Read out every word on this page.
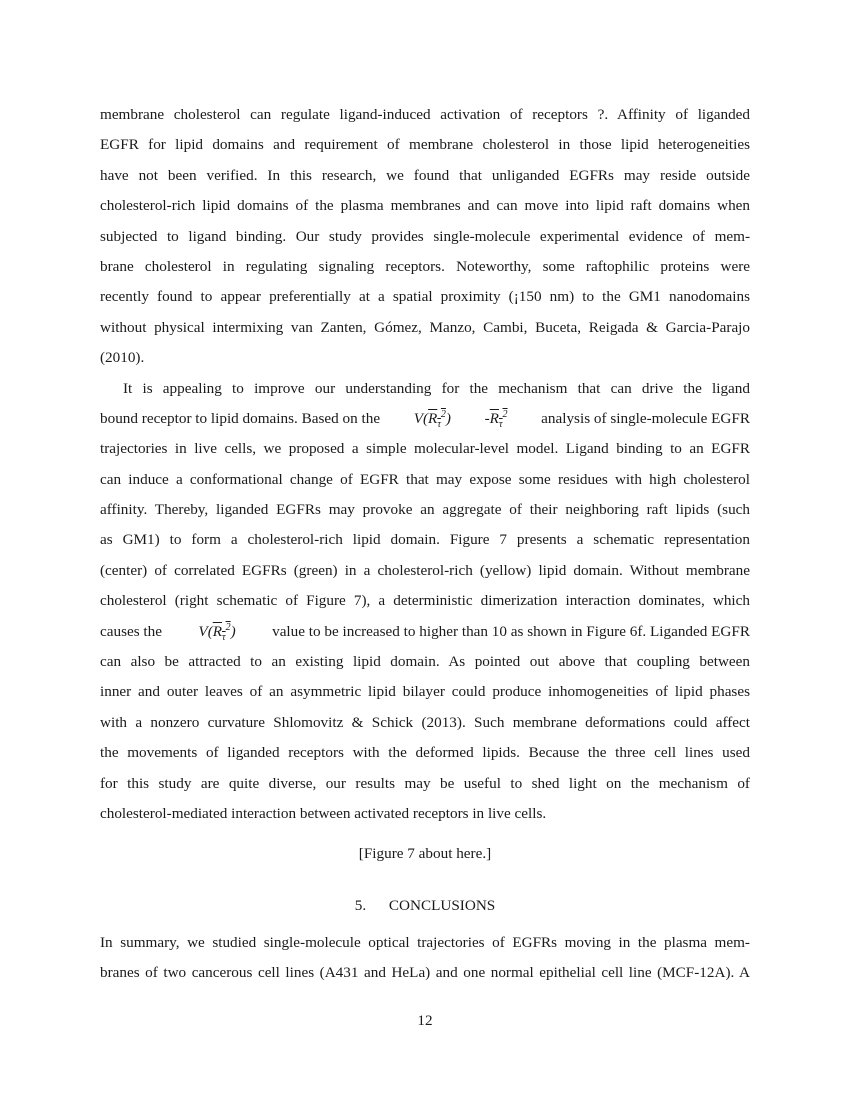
membrane cholesterol can regulate ligand-induced activation of receptors ?. Affinity of liganded
EGFR for lipid domains and requirement of membrane cholesterol in those lipid heterogeneities
have not been verified. In this research, we found that unliganded EGFRs may reside outside
cholesterol-rich lipid domains of the plasma membranes and can move into lipid raft domains when
subjected to ligand binding. Our study provides single-molecule experimental evidence of mem-
brane cholesterol in regulating signaling receptors. Noteworthy, some raftophilic proteins were
recently found to appear preferentially at a spatial proximity (¡150 nm) to the GM1 nanodomains
without physical intermixing van Zanten, Gómez, Manzo, Cambi, Buceta, Reigada & Garcia-Parajo
(2010).
It is appealing to improve our understanding for the mechanism that can drive the ligand
bound receptor to lipid domains. Based on the $V(R_\tau^2)$ $-R_\tau^2$ analysis of single-molecule EGFR
trajectories in live cells, we proposed a simple molecular-level model. Ligand binding to an EGFR
can induce a conformational change of EGFR that may expose some residues with high cholesterol
affinity. Thereby, liganded EGFRs may provoke an aggregate of their neighboring raft lipids (such
as GM1) to form a cholesterol-rich lipid domain. Figure 7 presents a schematic representation
(center) of correlated EGFRs (green) in a cholesterol-rich (yellow) lipid domain. Without membrane
cholesterol (right schematic of Figure 7), a deterministic dimerization interaction dominates, which
causes the $V(R_\tau^2)$ value to be increased to higher than 10 as shown in Figure 6f. Liganded EGFR
can also be attracted to an existing lipid domain. As pointed out above that coupling between
inner and outer leaves of an asymmetric lipid bilayer could produce inhomogeneities of lipid phases
with a nonzero curvature Shlomovitz & Schick (2013). Such membrane deformations could affect
the movements of liganded receptors with the deformed lipids. Because the three cell lines used
for this study are quite diverse, our results may be useful to shed light on the mechanism of
cholesterol-mediated interaction between activated receptors in live cells.
[Figure 7 about here.]
5. CONCLUSIONS
In summary, we studied single-molecule optical trajectories of EGFRs moving in the plasma mem-
branes of two cancerous cell lines (A431 and HeLa) and one normal epithelial cell line (MCF-12A). A
12
